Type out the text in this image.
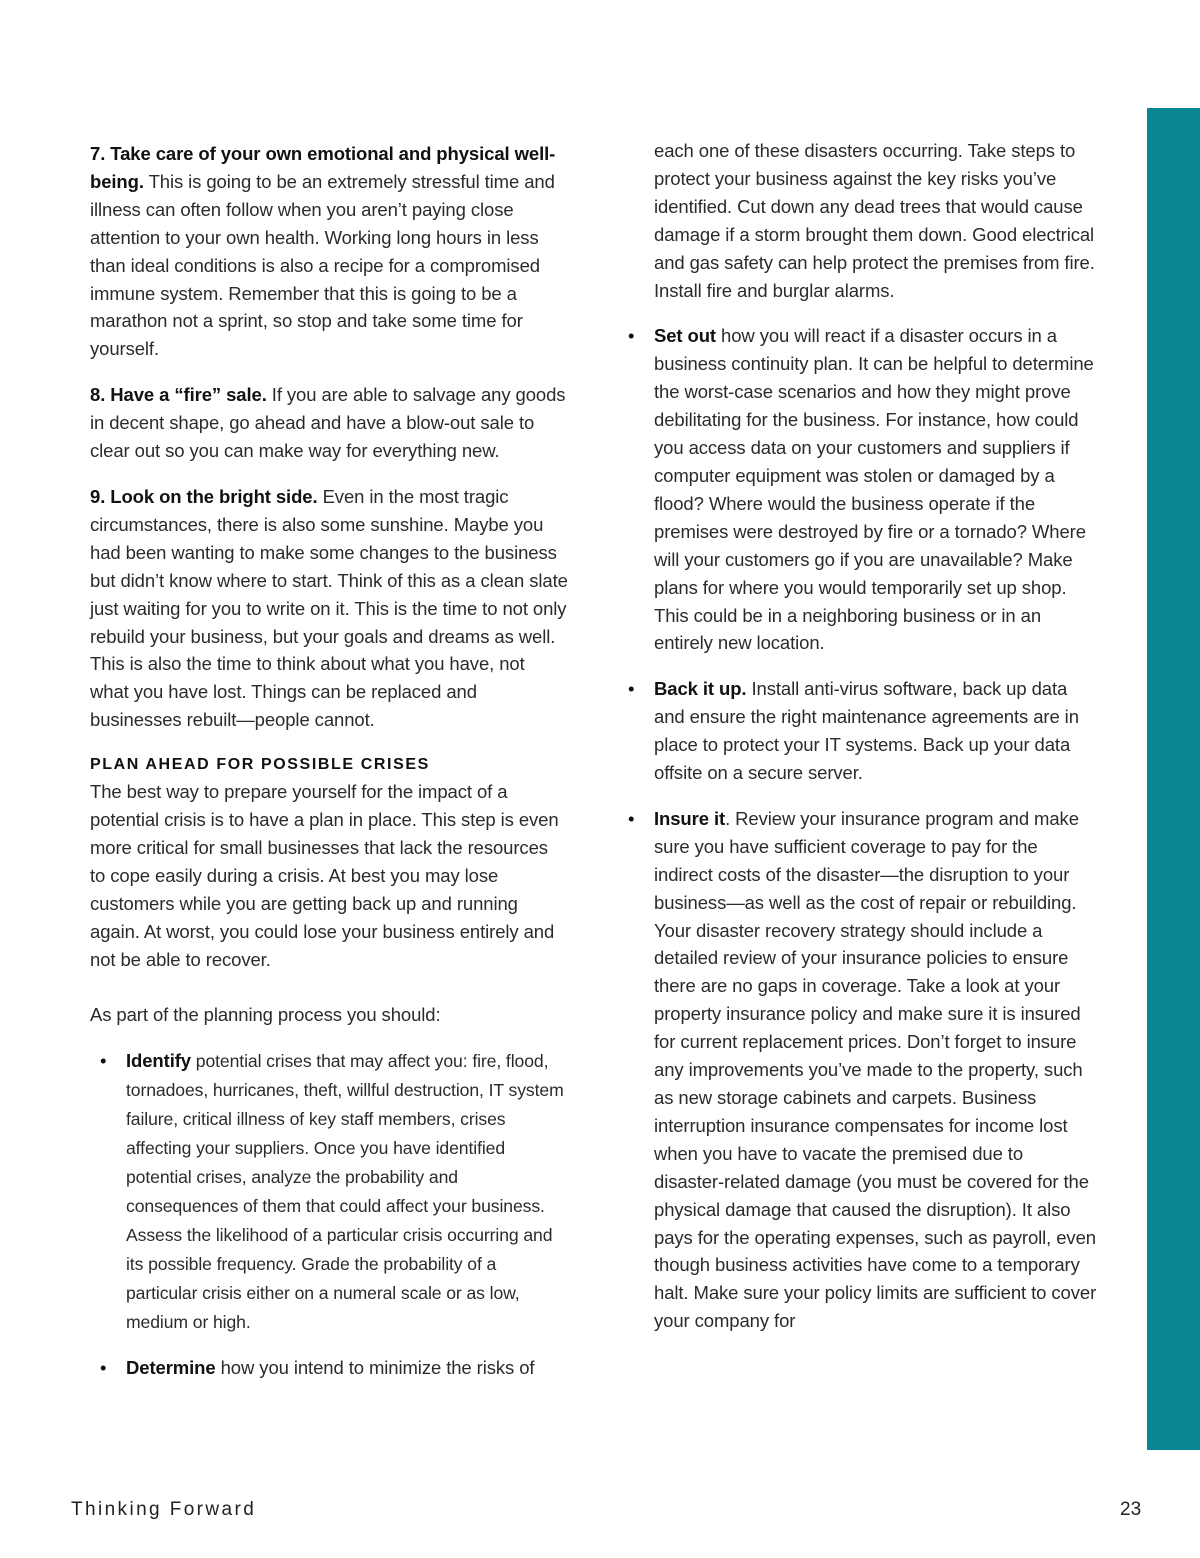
7. Take care of your own emotional and physical well-being. This is going to be an extremely stressful time and illness can often follow when you aren’t paying close attention to your own health. Working long hours in less than ideal conditions is also a recipe for a compromised immune system. Remember that this is going to be a marathon not a sprint, so stop and take some time for yourself.

8. Have a “fire” sale. If you are able to salvage any goods in decent shape, go ahead and have a blow-out sale to clear out so you can make way for everything new.

9. Look on the bright side. Even in the most tragic circumstances, there is also some sunshine. Maybe you had been wanting to make some changes to the business but didn’t know where to start. Think of this as a clean slate just waiting for you to write on it. This is the time to not only rebuild your business, but your goals and dreams as well. This is also the time to think about what you have, not what you have lost. Things can be replaced and businesses rebuilt—people cannot.

PLAN AHEAD FOR POSSIBLE CRISES

The best way to prepare yourself for the impact of a potential crisis is to have a plan in place. This step is even more critical for small businesses that lack the resources to cope easily during a crisis. At best you may lose customers while you are getting back up and running again. At worst, you could lose your business entirely and not be able to recover.

As part of the planning process you should:

•	Identify potential crises that may affect you: fire, flood, tornadoes, hurricanes, theft, willful destruction, IT system failure, critical illness of key staff members, crises affecting your suppliers. Once you have identified potential crises, analyze the probability and consequences of them that could affect your business. Assess the likelihood of a particular crisis occurring and its possible frequency. Grade the probability of a particular crisis either on a numeral scale or as low, medium or high.
•	Determine how you intend to minimize the risks of

each one of these disasters occurring. Take steps to protect your business against the key risks you’ve identified. Cut down any dead trees that would cause damage if a storm brought them down. Good electrical and gas safety can help protect the premises from fire. Install fire and burglar alarms.

•	Set out how you will react if a disaster occurs in a business continuity plan. It can be helpful to determine the worst-case scenarios and how they might prove debilitating for the business. For instance, how could you access data on your customers and suppliers if computer equipment was stolen or damaged by a flood? Where would the business operate if the premises were destroyed by fire or a tornado? Where will your customers go if you are unavailable? Make plans for where you would temporarily set up shop. This could be in a neighboring business or in an entirely new location.
•	Back it up. Install anti-virus software, back up data and ensure the right maintenance agreements are in place to protect your IT systems. Back up your data offsite on a secure server.
•	Insure it. Review your insurance program and make sure you have sufficient coverage to pay for the indirect costs of the disaster—the disruption to your business—as well as the cost of repair or rebuilding. Your disaster recovery strategy should include a detailed review of your insurance policies to ensure there are no gaps in coverage. Take a look at your property insurance policy and make sure it is insured for current replacement prices. Don’t forget to insure any improvements you’ve made to the property, such as new storage cabinets and carpets. Business interruption insurance compensates for income lost when you have to vacate the premised due to disaster-related damage (you must be covered for the physical damage that caused the disruption). It also pays for the operating expenses, such as payroll, even though business activities have come to a temporary halt. Make sure your policy limits are sufficient to cover your company for
Thinking Forward	23
